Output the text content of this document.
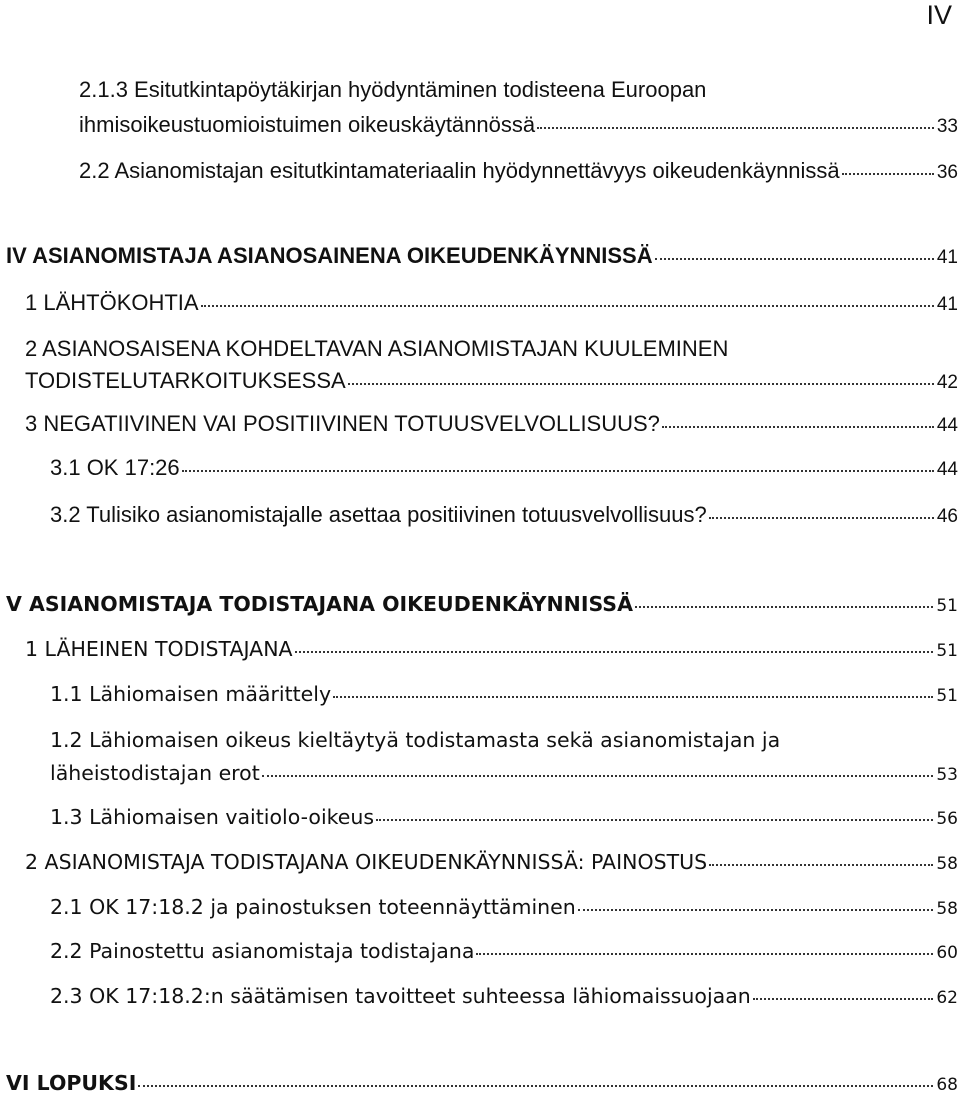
IV
2.1.3 Esitutkintapöytäkirjan hyödyntäminen todisteena Euroopan
ihmisoikeustuomioistuimen oikeuskäytännössä	33
2.2 Asianomistajan esitutkintamateriaalin hyödynnettävyys oikeudenkäynnissä	36
IV ASIANOMISTAJA ASIANOSAINENA OIKEUDENKÄYNNISSÄ	41
1 LÄHTÖKOHTIA	41
2 ASIANOSAISENA KOHDELTAVAN ASIANOMISTAJAN KUULEMINEN
TODISTELUTARKOITUKSESSA	42
3 NEGATIIVINEN VAI POSITIIVINEN TOTUUSVELVOLLISUUS?	44
3.1 OK 17:26	44
3.2 Tulisiko asianomistajalle asettaa positiivinen totuusvelvollisuus?	46
V ASIANOMISTAJA TODISTAJANA OIKEUDENKÄYNNISSÄ	51
1 LÄHEINEN TODISTAJANA	51
1.1 Lähiomaisen määrittely	51
1.2 Lähiomaisen oikeus kieltäytyä todistamasta sekä asianomistajan ja
läheistodistajan erot	53
1.3 Lähiomaisen vaitiolo-oikeus	56
2 ASIANOMISTAJA TODISTAJANA OIKEUDENKÄYNNISSÄ: PAINOSTUS	58
2.1 OK 17:18.2 ja painostuksen toteennäyttäminen	58
2.2 Painostettu asianomistaja todistajana	60
2.3 OK 17:18.2:n säätämisen tavoitteet suhteessa lähiomaissuojaan	62
VI LOPUKSI	68
